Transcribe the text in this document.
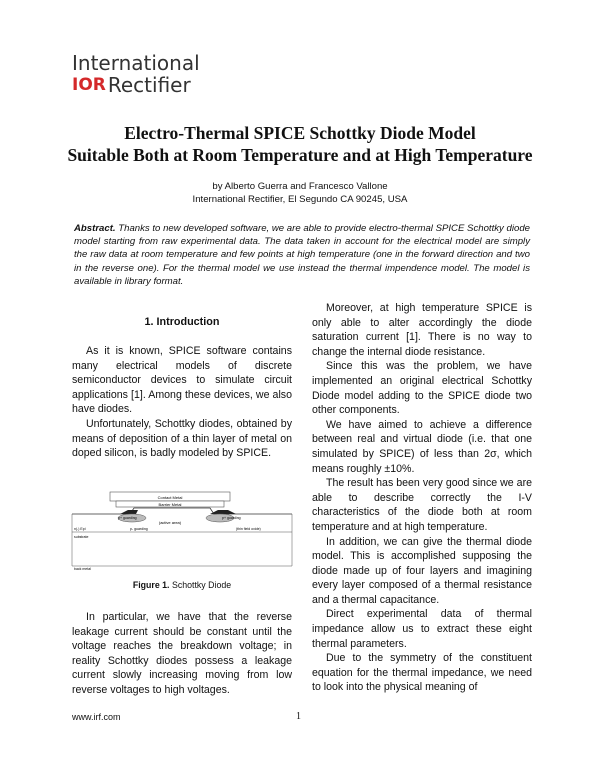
International
IOR Rectifier
Electro-Thermal SPICE Schottky Diode Model
Suitable Both at Room Temperature and at High Temperature
by Alberto Guerra and Francesco Vallone
International Rectifier, El Segundo CA 90245, USA
Abstract. Thanks to new developed software, we are able to provide electro-thermal SPICE Schottky diode model starting from raw experimental data. The data taken in account for the electrical model are simply the raw data at room temperature and few points at high temperature (one in the forward direction and two in the reverse one). For the thermal model we use instead the thermal impendence model. The model is available in library format.
1. Introduction

As it is known, SPICE software contains many electrical models of discrete semiconductor devices to simulate circuit applications [1]. Among these devices, we also have diodes.

Unfortunately, Schottky diodes, obtained by means of deposition of a thin layer of metal on doped silicon, is badly modeled by SPICE.

Contact Metal
Barrier Metal
p+ guarding	p+ guarding
(active area)
p- guarding
n(-) Epi	(thin field oxide)
substrate
back metal
Figure 1. Schottky Diode

In particular, we have that the reverse leakage current should be constant until the voltage reaches the breakdown voltage; in reality Schottky diodes possess a leakage current slowly increasing moving from low reverse voltages to high voltages.

Moreover, at high temperature SPICE is only able to alter accordingly the diode saturation current [1]. There is no way to change the internal diode resistance.

Since this was the problem, we have implemented an original electrical Schottky Diode model adding to the SPICE diode two other components.

We have aimed to achieve a difference between real and virtual diode (i.e. that one simulated by SPICE) of less than 2σ, which means roughly ±10%.

The result has been very good since we are able to describe correctly the I-V characteristics of the diode both at room temperature and at high temperature.

In addition, we can give the thermal diode model. This is accomplished supposing the diode made up of four layers and imagining every layer composed of a thermal resistance and a thermal capacitance.

Direct experimental data of thermal impedance allow us to extract these eight thermal parameters.

Due to the symmetry of the constituent equation for the thermal impedance, we need to look into the physical meaning of

www.irf.com	1
